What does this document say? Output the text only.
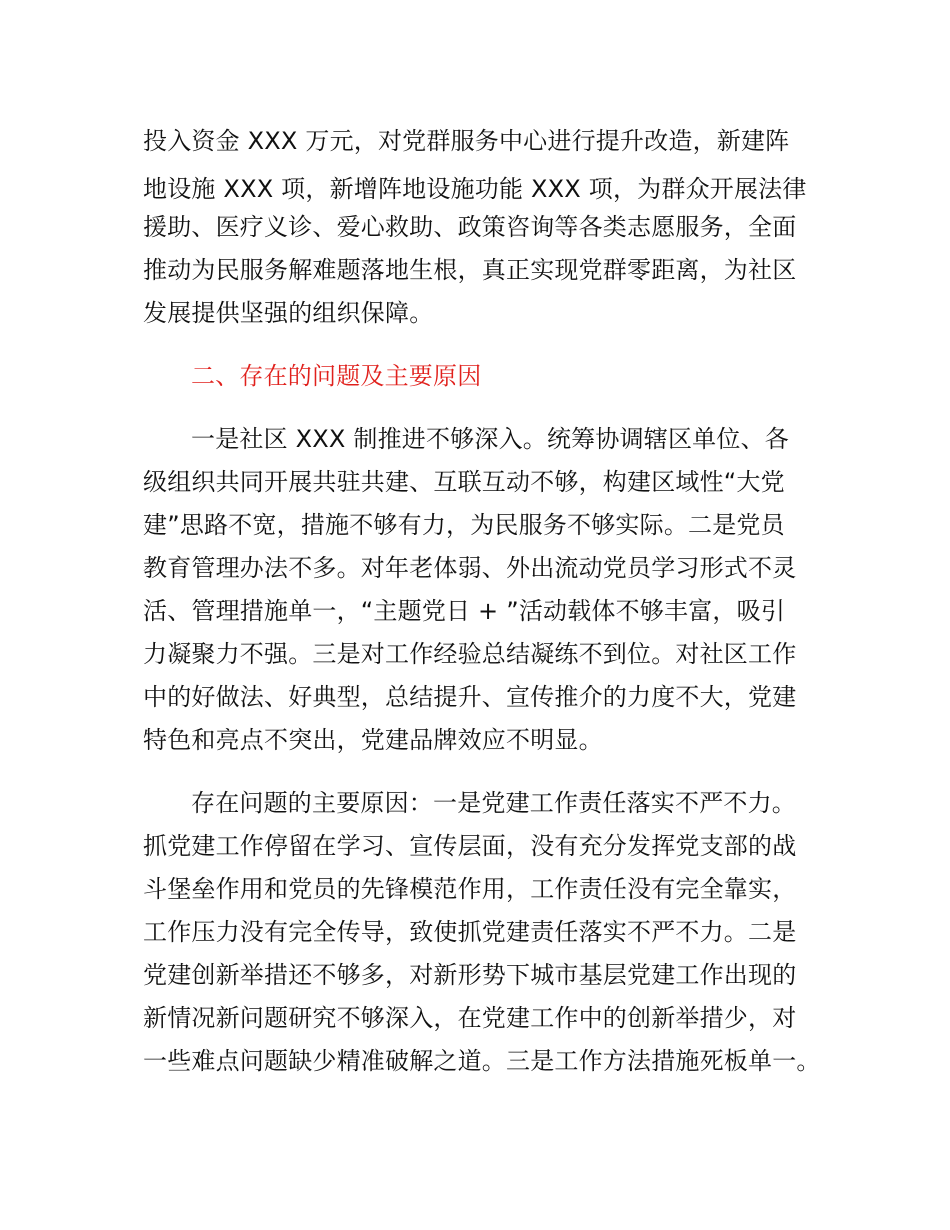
投入资金 XXX 万元，对党群服务中心进行提升改造，新建阵
地设施 XXX 项，新增阵地设施功能 XXX 项，为群众开展法律
援助、医疗义诊、爱心救助、政策咨询等各类志愿服务，全面
推动为民服务解难题落地生根，真正实现党群零距离，为社区
发展提供坚强的组织保障。
二、存在的问题及主要原因
一是社区 XXX 制推进不够深入。统筹协调辖区单位、各
级组织共同开展共驻共建、互联互动不够，构建区域性“大党
建”思路不宽，措施不够有力，为民服务不够实际。二是党员
教育管理办法不多。对年老体弱、外出流动党员学习形式不灵
活、管理措施单一，“主题党日 + ”活动载体不够丰富，吸引
力凝聚力不强。三是对工作经验总结凝练不到位。对社区工作
中的好做法、好典型，总结提升、宣传推介的力度不大，党建
特色和亮点不突出，党建品牌效应不明显。
存在问题的主要原因：一是党建工作责任落实不严不力。
抓党建工作停留在学习、宣传层面，没有充分发挥党支部的战
斗堡垒作用和党员的先锋模范作用，工作责任没有完全靠实，
工作压力没有完全传导，致使抓党建责任落实不严不力。二是
党建创新举措还不够多，对新形势下城市基层党建工作出现的
新情况新问题研究不够深入，在党建工作中的创新举措少，对
一些难点问题缺少精准破解之道。三是工作方法措施死板单一。
